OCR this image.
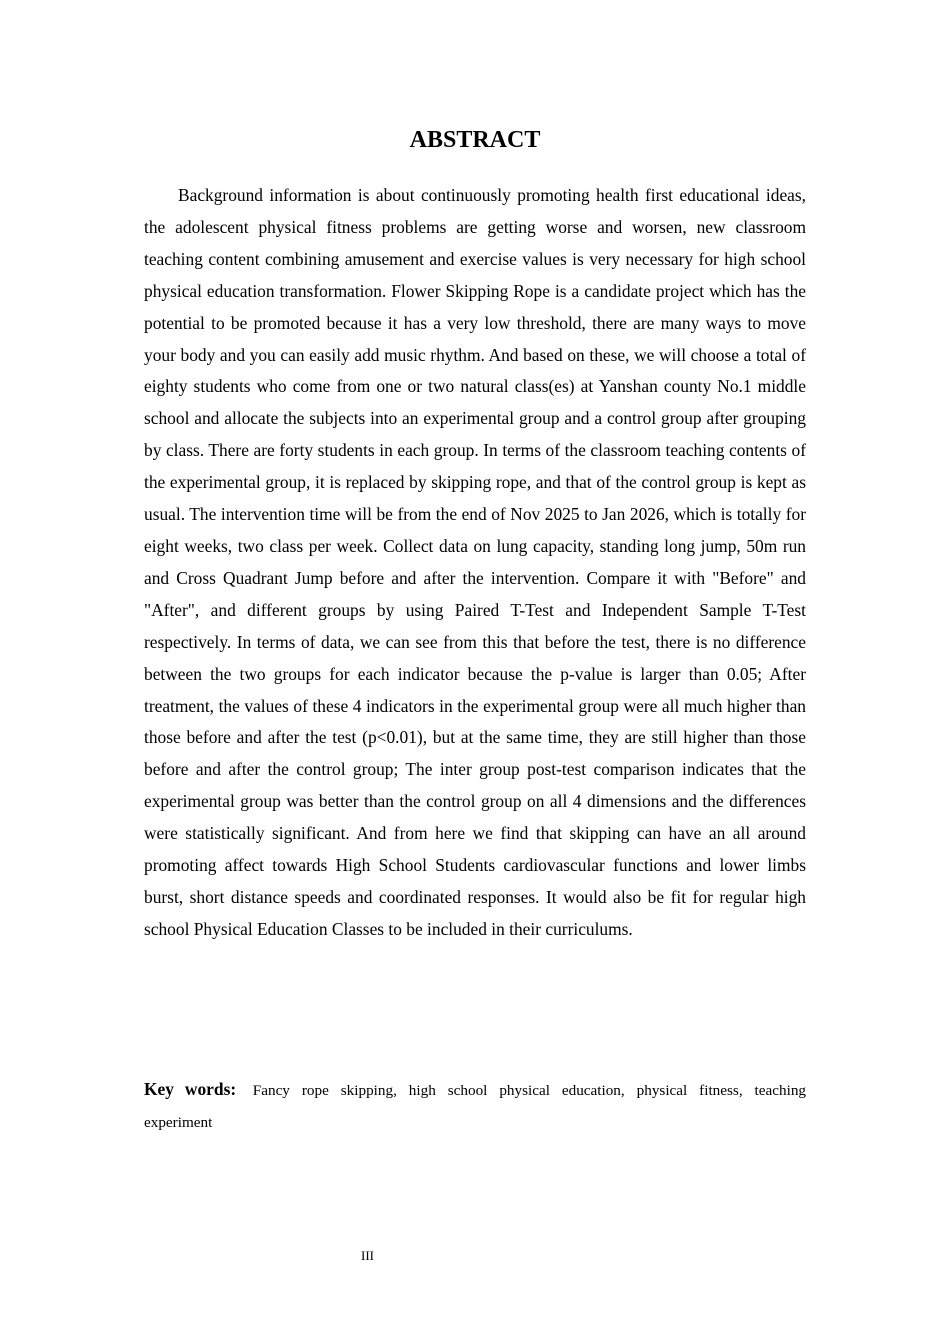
ABSTRACT

Background information is about continuously promoting health first educational ideas, the adolescent physical fitness problems are getting worse and worsen, new classroom teaching content combining amusement and exercise values is very necessary for high school physical education transformation. Flower Skipping Rope is a candidate project which has the potential to be promoted because it has a very low threshold, there are many ways to move your body and you can easily add music rhythm. And based on these, we will choose a total of eighty students who come from one or two natural class(es) at Yanshan county No.1 middle school and allocate the subjects into an experimental group and a control group after grouping by class. There are forty students in each group. In terms of the classroom teaching contents of the experimental group, it is replaced by skipping rope, and that of the control group is kept as usual. The intervention time will be from the end of Nov 2025 to Jan 2026, which is totally for eight weeks, two class per week. Collect data on lung capacity, standing long jump, 50m run and Cross Quadrant Jump before and after the intervention. Compare it with "Before" and "After", and different groups by using Paired T-Test and Independent Sample T-Test respectively. In terms of data, we can see from this that before the test, there is no difference between the two groups for each indicator because the p-value is larger than 0.05; After treatment, the values of these 4 indicators in the experimental group were all much higher than those before and after the test (p<0.01), but at the same time, they are still higher than those before and after the control group; The inter group post-test comparison indicates that the experimental group was better than the control group on all 4 dimensions and the differences were statistically significant. And from here we find that skipping can have an all around promoting affect towards High School Students cardiovascular functions and lower limbs burst, short distance speeds and coordinated responses. It would also be fit for regular high school Physical Education Classes to be included in their curriculums.

Key words: Fancy rope skipping, high school physical education, physical fitness, teaching experiment

III
